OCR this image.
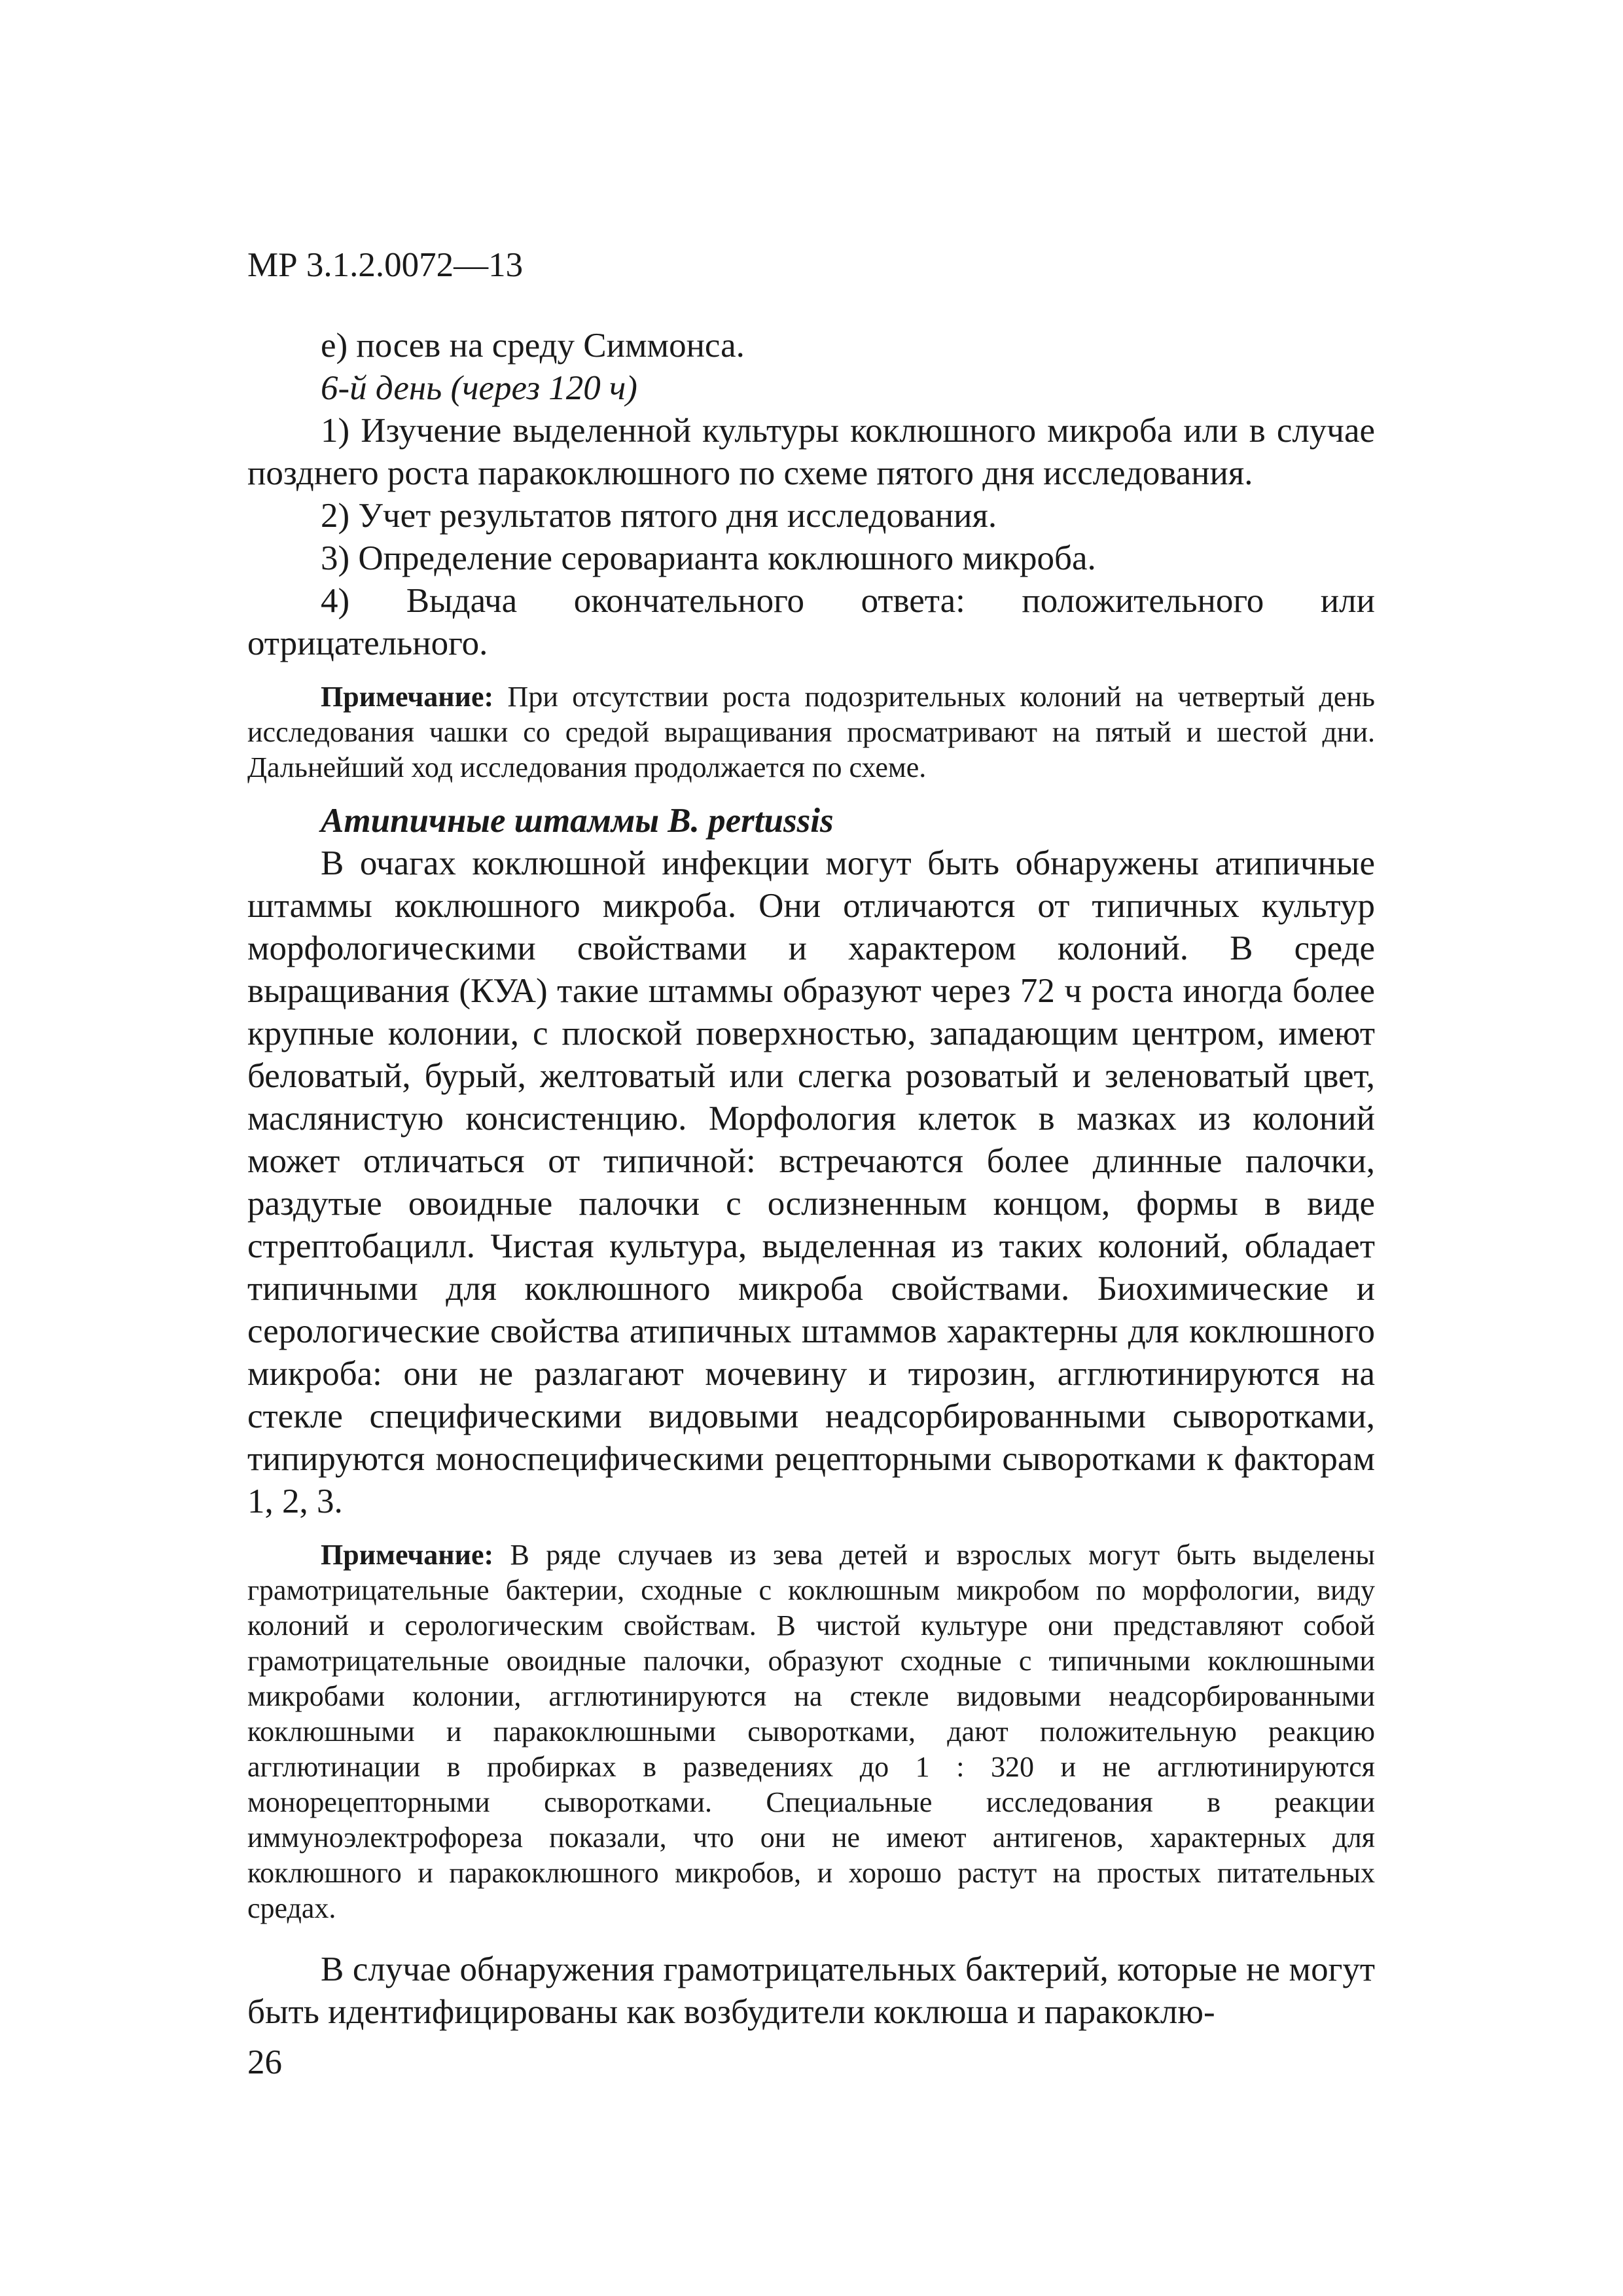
МР 3.1.2.0072—13

е) посев на среду Симмонса.

6-й день (через 120 ч)

1) Изучение выделенной культуры коклюшного микроба или в случае позднего роста паракоклюшного по схеме пятого дня исследования.

2) Учет результатов пятого дня исследования.

3) Определение сероварианта коклюшного микроба.

4) Выдача окончательного ответа: положительного или отрицательного.

Примечание: При отсутствии роста подозрительных колоний на четвертый день исследования чашки со средой выращивания просматривают на пятый и шестой дни. Дальнейший ход исследования продолжается по схеме.

Атипичные штаммы B. pertussis

В очагах коклюшной инфекции могут быть обнаружены атипичные штаммы коклюшного микроба. Они отличаются от типичных культур морфологическими свойствами и характером колоний. В среде выращивания (КУА) такие штаммы образуют через 72 ч роста иногда более крупные колонии, с плоской поверхностью, западающим центром, имеют беловатый, бурый, желтоватый или слегка розоватый и зеленоватый цвет, маслянистую консистенцию. Морфология клеток в мазках из колоний может отличаться от типичной: встречаются более длинные палочки, раздутые овоидные палочки с ослизненным концом, формы в виде стрептобацилл. Чистая культура, выделенная из таких колоний, обладает типичными для коклюшного микроба свойствами. Биохимические и серологические свойства атипичных штаммов характерны для коклюшного микроба: они не разлагают мочевину и тирозин, агглютинируются на стекле специфическими видовыми неадсорбированными сыворотками, типируются моноспецифическими рецепторными сыворотками к факторам 1, 2, 3.

Примечание: В ряде случаев из зева детей и взрослых могут быть выделены грамотрицательные бактерии, сходные с коклюшным микробом по морфологии, виду колоний и серологическим свойствам. В чистой культуре они представляют собой грамотрицательные овоидные палочки, образуют сходные с типичными коклюшными микробами колонии, агглютинируются на стекле видовыми неадсорбированными коклюшными и паракоклюшными сыворотками, дают положительную реакцию агглютинации в пробирках в разведениях до 1 : 320 и не агглютинируются монорецепторными сыворотками. Специальные исследования в реакции иммуноэлектрофореза показали, что они не имеют антигенов, характерных для коклюшного и паракоклюшного микробов, и хорошо растут на простых питательных средах.

В случае обнаружения грамотрицательных бактерий, которые не могут быть идентифицированы как возбудители коклюша и паракоклю-

26
